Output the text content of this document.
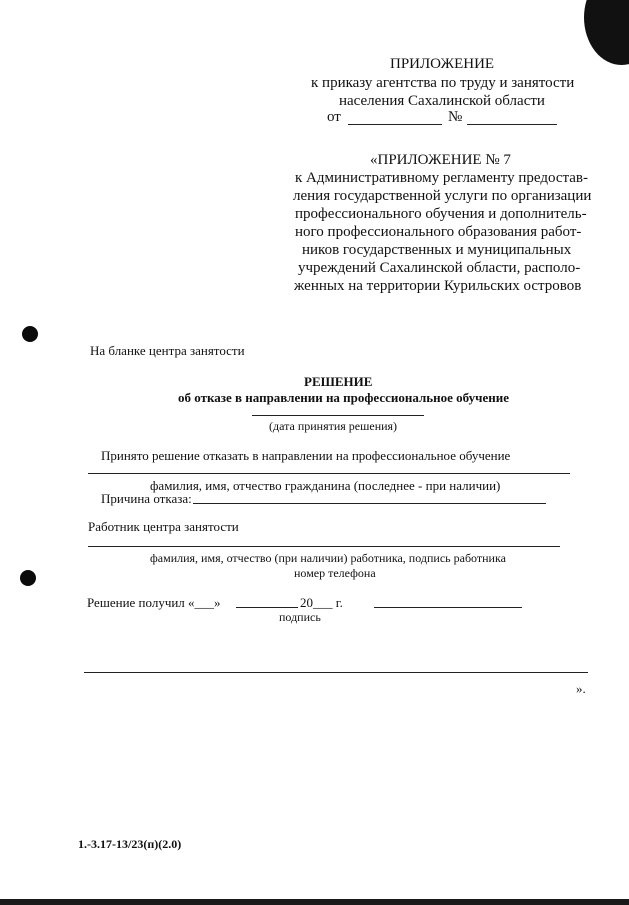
ПРИЛОЖЕНИЕ
к приказу агентства по труду и занятости
населения Сахалинской области
от	№
«ПРИЛОЖЕНИЕ № 7
к Административному регламенту предостав-
ления государственной услуги по организации
профессионального обучения и дополнитель-
ного профессионального образования работ-
ников государственных и муниципальных
учреждений Сахалинской области, располо-
женных на территории Курильских островов
На бланке центра занятости
РЕШЕНИЕ
об отказе в направлении на профессиональное обучение
(дата принятия решения)
Принято решение отказать в направлении на профессиональное обучение
фамилия, имя, отчество гражданина (последнее - при наличии)
Причина отказа:
Работник центра занятости
фамилия, имя, отчество (при наличии) работника, подпись работника
номер телефона
Решение получил «___»	20___ г.
подпись
».
1.-3.17-13/23(п)(2.0)
